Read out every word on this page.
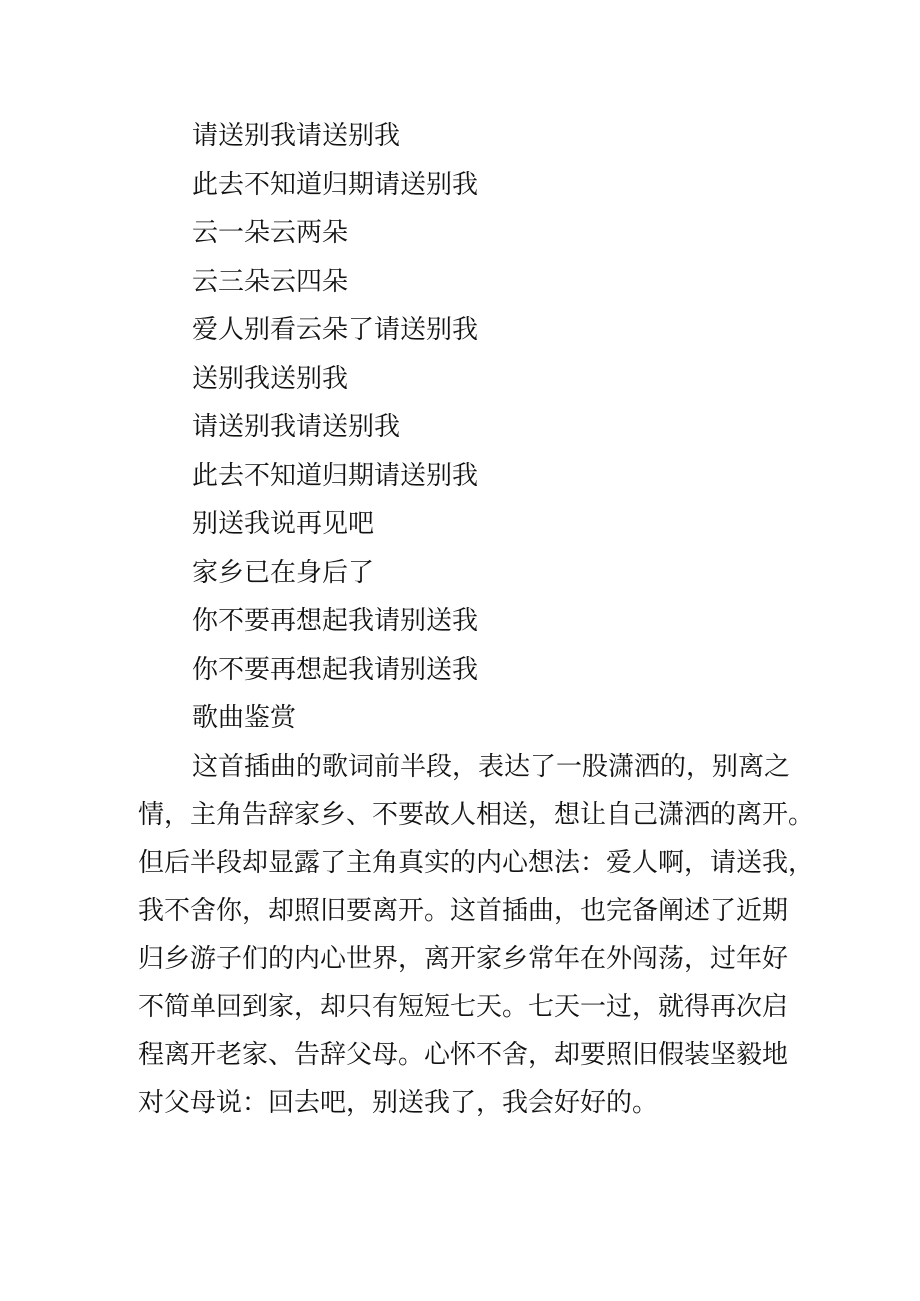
请送别我请送别我
此去不知道归期请送别我
云一朵云两朵
云三朵云四朵
爱人别看云朵了请送别我
送别我送别我
请送别我请送别我
此去不知道归期请送别我
别送我说再见吧
家乡已在身后了
你不要再想起我请别送我
你不要再想起我请别送我
歌曲鉴赏
这首插曲的歌词前半段，表达了一股潇洒的，别离之
情，主角告辞家乡、不要故人相送，想让自己潇洒的离开。
但后半段却显露了主角真实的内心想法：爱人啊，请送我，
我不舍你，却照旧要离开。这首插曲，也完备阐述了近期
归乡游子们的内心世界，离开家乡常年在外闯荡，过年好
不简单回到家，却只有短短七天。七天一过，就得再次启
程离开老家、告辞父母。心怀不舍，却要照旧假装坚毅地
对父母说：回去吧，别送我了，我会好好的。
